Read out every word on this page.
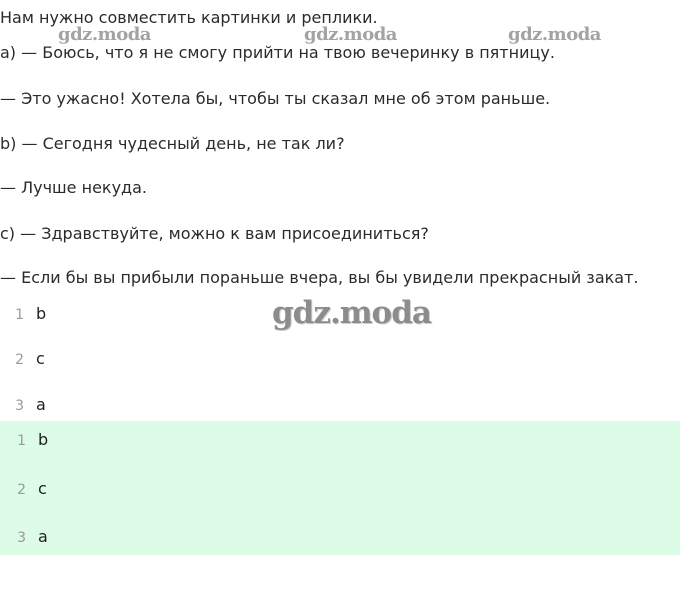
Нам нужно совместить картинки и реплики.
gdz.moda	gdz.moda	gdz.moda
a) — Боюсь, что я не смогу прийти на твою вечеринку в пятницу.
— Это ужасно! Хотела бы, чтобы ты сказал мне об этом раньше.
b) — Сегодня чудесный день, не так ли?
— Лучше некуда.
c) — Здравствуйте, можно к вам присоединиться?
— Если бы вы прибыли пораньше вчера, вы бы увидели прекрасный закат.
1 b
2 c
3 a
gdz.moda
1 b
2 c
3 a
